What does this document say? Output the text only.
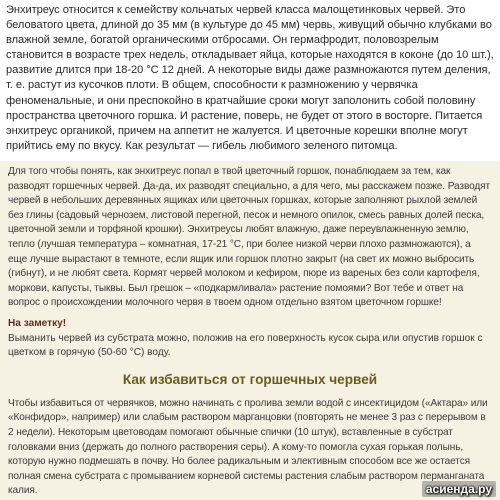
Энхитреус относится к семейству кольчатых червей класса малощетинковых червей. Это беловатого цвета, длиной до 35 мм (в культуре до 45 мм) червь, живущий обычно клубками во влажной земле, богатой органическими отбросами. Он гермафродит, половозрелым становится в возрасте трех недель, откладывает яйца, которые находятся в коконе (до 10 шт.), развитие длится при 18-20 °С 12 дней. А некоторые виды даже размножаются путем деления, т. е. растут из кусочков плоти. В общем, способности к размножению у червячка феноменальные, и они преспокойно в кратчайшие сроки могут заполонить собой половину пространства цветочного горшка. И растение, поверь, не будет от этого в восторге. Питается энхитреус органикой, причем на аппетит не жалуется. И цветочные корешки вполне могут прийтись ему по вкусу. Как результат — гибель любимого зеленого питомца.

Для того чтобы понять, как энхитреус попал в твой цветочный горшок, понаблюдаем за тем, как разводят горшечных червей. Да-да, их разводят специально, а для чего, мы расскажем позже. Разводят червей в небольших деревянных ящиках или цветочных горшках, которые заполняют рыхлой землей без глины (садовый чернозем, листовой перегной, песок и немного опилок, смесь равных долей песка, цветочной земли и торфяной крошки). Энхитреусы любят влажную, даже переувлажненную землю, тепло (лучшая температура – комнатная, 17-21 °С, при более низкой черви плохо размножаются), а еще лучше вырастают в темноте, если ящик или горшок плотно закрыт (на свет их можно выбросить (гибнут), и не любят света. Кормят червей молоком и кефиром, пюре из вареных без соли картофеля, моркови, капусты, тыквы. Был грешок – «подкармливала» растение помоями? Вот тебе и ответ на вопрос о происхождении молочного червя в твоем одном отдельно взятом цветочном горшке!

На заметку!

Выманить червей из субстрата можно, положив на его поверхность кусок сыра или опустив горшок с цветком в горячую (50-60 °С) воду.

Как избавиться от горшечных червей

Чтобы избавиться от червячков, можно начинать с пролива земли водой с инсектицидом («Актара» или «Конфидор», например) или слабым раствором марганцовки (повторять не менее 3 раз с перерывом в 2 недели). Некоторым цветоводам помогают обычные спички (10 штук), вставленные в субстрат головками вниз (держать до полного растворения серы). А кому-то помогла сухая горькая полынь, которую нужно подмешать в почву. Но более радикальным и элективным способом все же остается полная смена субстрата с промыванием корневой системы растения слабым раствором перманганата калия.	асиенда.ру
